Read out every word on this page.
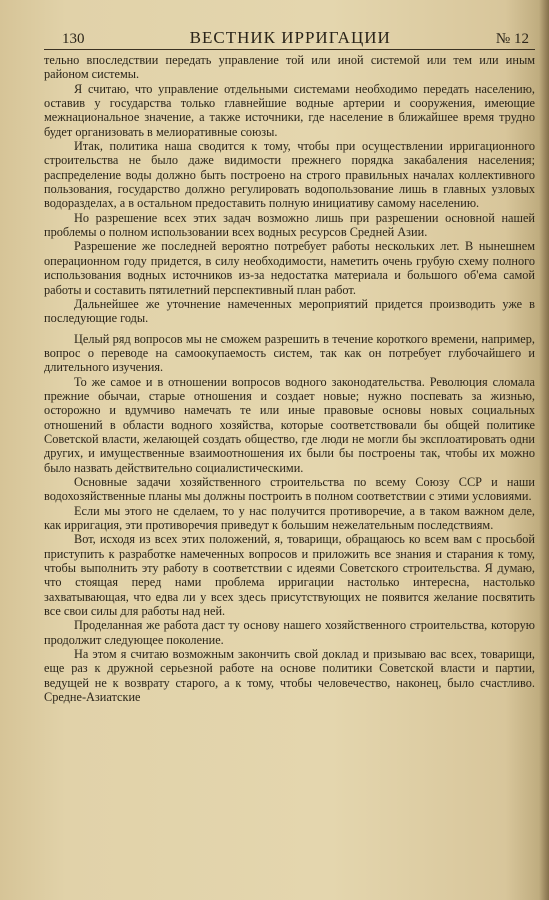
130	ВЕСТНИК ИРРИГАЦИИ	№ 12

тельно впоследствии передать управление той или иной системой или тем или иным районом системы.

Я считаю, что управление отдельными системами необходимо передать населению, оставив у государства только главнейшие водные артерии и сооружения, имеющие межнациональное значение, а также источники, где население в ближайшее время трудно будет организовать в мелиоративные союзы.

Итак, политика наша сводится к тому, чтобы при осуществлении ирригационного строительства не было даже видимости прежнего порядка закабаления населения; распределение воды должно быть построено на строго правильных началах коллективного пользования, государство должно регулировать водопользование лишь в главных узловых водоразделах, а в остальном предоставить полную инициативу самому населению.

Но разрешение всех этих задач возможно лишь при разрешении основной нашей проблемы о полном использовании всех водных ресурсов Средней Азии.

Разрешение же последней вероятно потребует работы нескольких лет. В нынешнем операционном году придется, в силу необходимости, наметить очень грубую схему полного использования водных источников из-за недостатка материала и большого об'ема самой работы и составить пятилетний перспективный план работ.

Дальнейшее же уточнение намеченных мероприятий придется производить уже в последующие годы.

Целый ряд вопросов мы не сможем разрешить в течение короткого времени, например, вопрос о переводе на самоокупаемость систем, так как он потребует глубочайшего и длительного изучения.

То же самое и в отношении вопросов водного законодательства. Революция сломала прежние обычаи, старые отношения и создает новые; нужно поспевать за жизнью, осторожно и вдумчиво намечать те или иные правовые основы новых социальных отношений в области водного хозяйства, которые соответствовали бы общей политике Советской власти, желающей создать общество, где люди не могли бы эксплоатировать одни других, и имущественные взаимоотношения их были бы построены так, чтобы их можно было назвать действительно социалистическими.

Основные задачи хозяйственного строительства по всему Союзу ССР и наши водохозяйственные планы мы должны построить в полном соответствии с этими условиями.

Если мы этого не сделаем, то у нас получится противоречие, а в таком важном деле, как ирригация, эти противоречия приведут к большим нежелательным последствиям.

Вот, исходя из всех этих положений, я, товарищи, обращаюсь ко всем вам с просьбой приступить к разработке намеченных вопросов и приложить все знания и старания к тому, чтобы выполнить эту работу в соответствии с идеями Советского строительства. Я думаю, что стоящая перед нами проблема ирригации настолько интересна, настолько захватывающая, что едва ли у всех здесь присутствующих не появится желание посвятить все свои силы для работы над ней.

Проделанная же работа даст ту основу нашего хозяйственного строительства, которую продолжит следующее поколение.

На этом я считаю возможным закончить свой доклад и призываю вас всех, товарищи, еще раз к дружной серьезной работе на основе политики Советской власти и партии, ведущей не к возврату старого, а к тому, чтобы человечество, наконец, было счастливо. Средне-Азиатские
